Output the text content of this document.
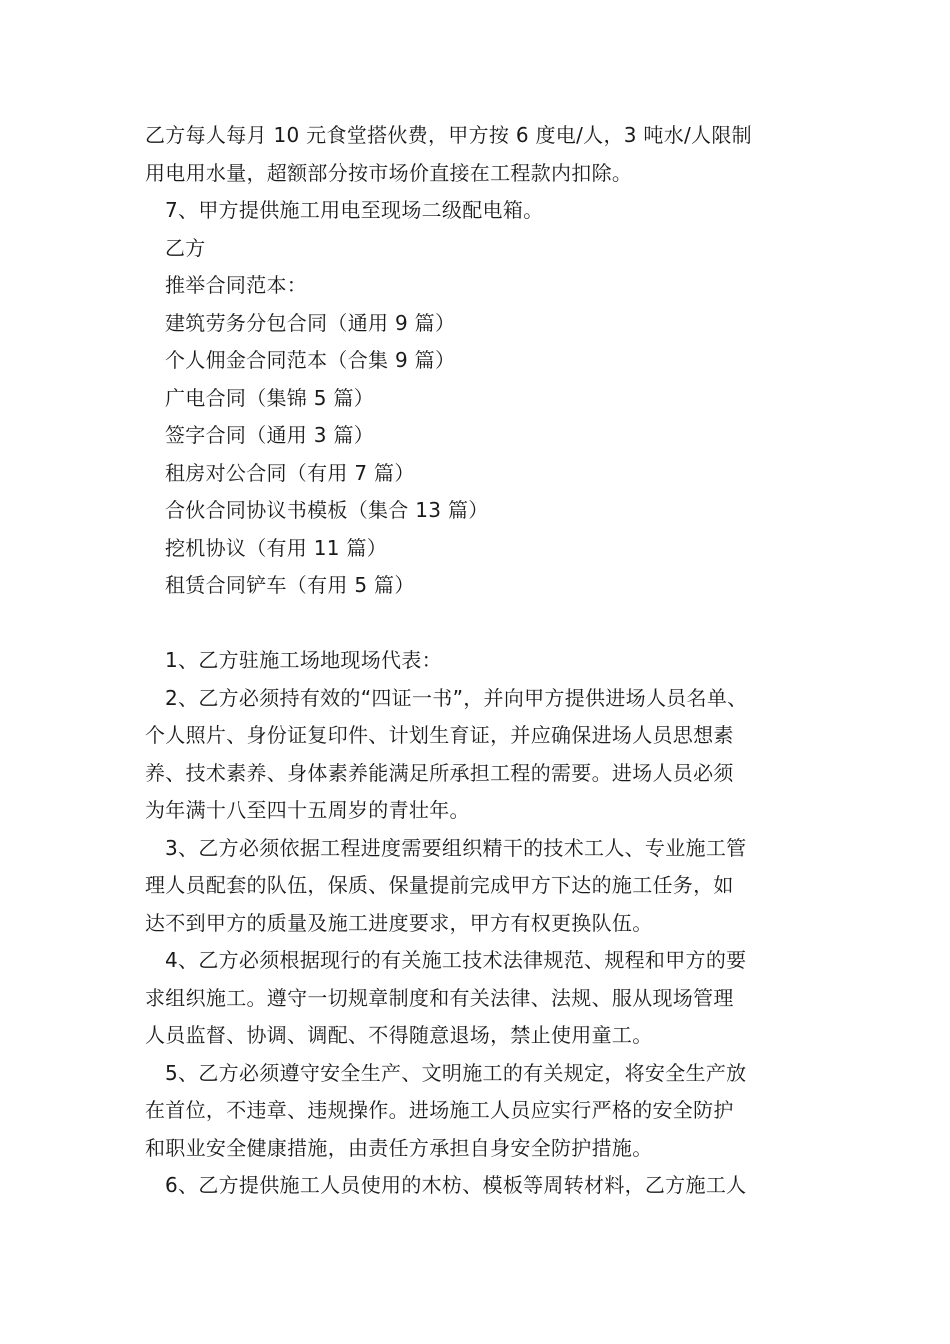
乙方每人每月 10 元食堂搭伙费，甲方按 6 度电/人，3 吨水/人限制
用电用水量，超额部分按市场价直接在工程款内扣除。
7、甲方提供施工用电至现场二级配电箱。
乙方
推举合同范本：
建筑劳务分包合同（通用 9 篇）
个人佣金合同范本（合集 9 篇）
广电合同（集锦 5 篇）
签字合同（通用 3 篇）
租房对公合同（有用 7 篇）
合伙合同协议书模板（集合 13 篇）
挖机协议（有用 11 篇）
租赁合同铲车（有用 5 篇）
1、乙方驻施工场地现场代表：
2、乙方必须持有效的“四证一书”，并向甲方提供进场人员名单、
个人照片、身份证复印件、计划生育证，并应确保进场人员思想素
养、技术素养、身体素养能满足所承担工程的需要。进场人员必须
为年满十八至四十五周岁的青壮年。
3、乙方必须依据工程进度需要组织精干的技术工人、专业施工管
理人员配套的队伍，保质、保量提前完成甲方下达的施工任务，如
达不到甲方的质量及施工进度要求，甲方有权更换队伍。
4、乙方必须根据现行的有关施工技术法律规范、规程和甲方的要
求组织施工。遵守一切规章制度和有关法律、法规、服从现场管理
人员监督、协调、调配、不得随意退场，禁止使用童工。
5、乙方必须遵守安全生产、文明施工的有关规定，将安全生产放
在首位，不违章、违规操作。进场施工人员应实行严格的安全防护
和职业安全健康措施，由责任方承担自身安全防护措施。
6、乙方提供施工人员使用的木枋、模板等周转材料，乙方施工人
